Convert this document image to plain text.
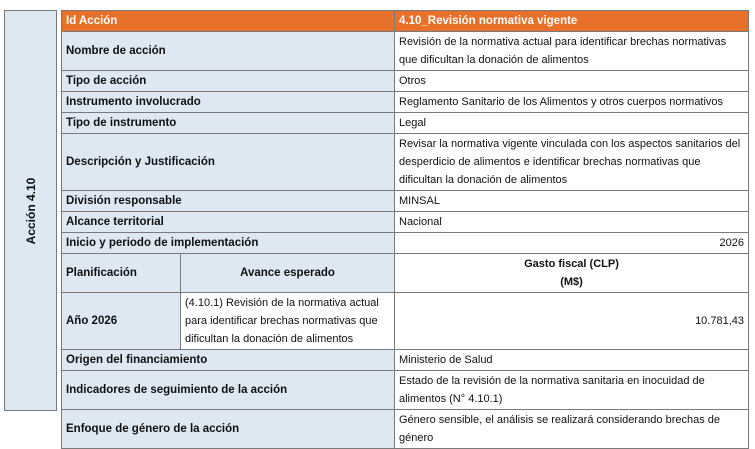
Acción 4.10
Id Acción		4.10_Revisión normativa vigente
Nombre de acción		Revisión de la normativa actual para identificar brechas normativas que dificultan la donación de alimentos
Tipo de acción		Otros
Instrumento involucrado		Reglamento Sanitario de los Alimentos y otros cuerpos normativos
Tipo de instrumento		Legal
Descripción y Justificación		Revisar la normativa vigente vinculada con los aspectos sanitarios del desperdicio de alimentos e identificar brechas normativas que dificultan la donación de alimentos
División responsable		MINSAL
Alcance territorial		Nacional
Inicio y periodo de implementación		2026
Planificación	Avance esperado	Gasto fiscal (CLP)
(M$)

Año 2026	(4.10.1) Revisión de la normativa actual para identificar brechas normativas que dificultan la donación de alimentos	10.781,43
Origen del financiamiento		Ministerio de Salud
Indicadores de seguimiento de la acción		Estado de la revisión de la normativa sanitaria en inocuidad de alimentos (N° 4.10.1)
Enfoque de género de la acción		Género sensible, el análisis se realizará considerando brechas de género
